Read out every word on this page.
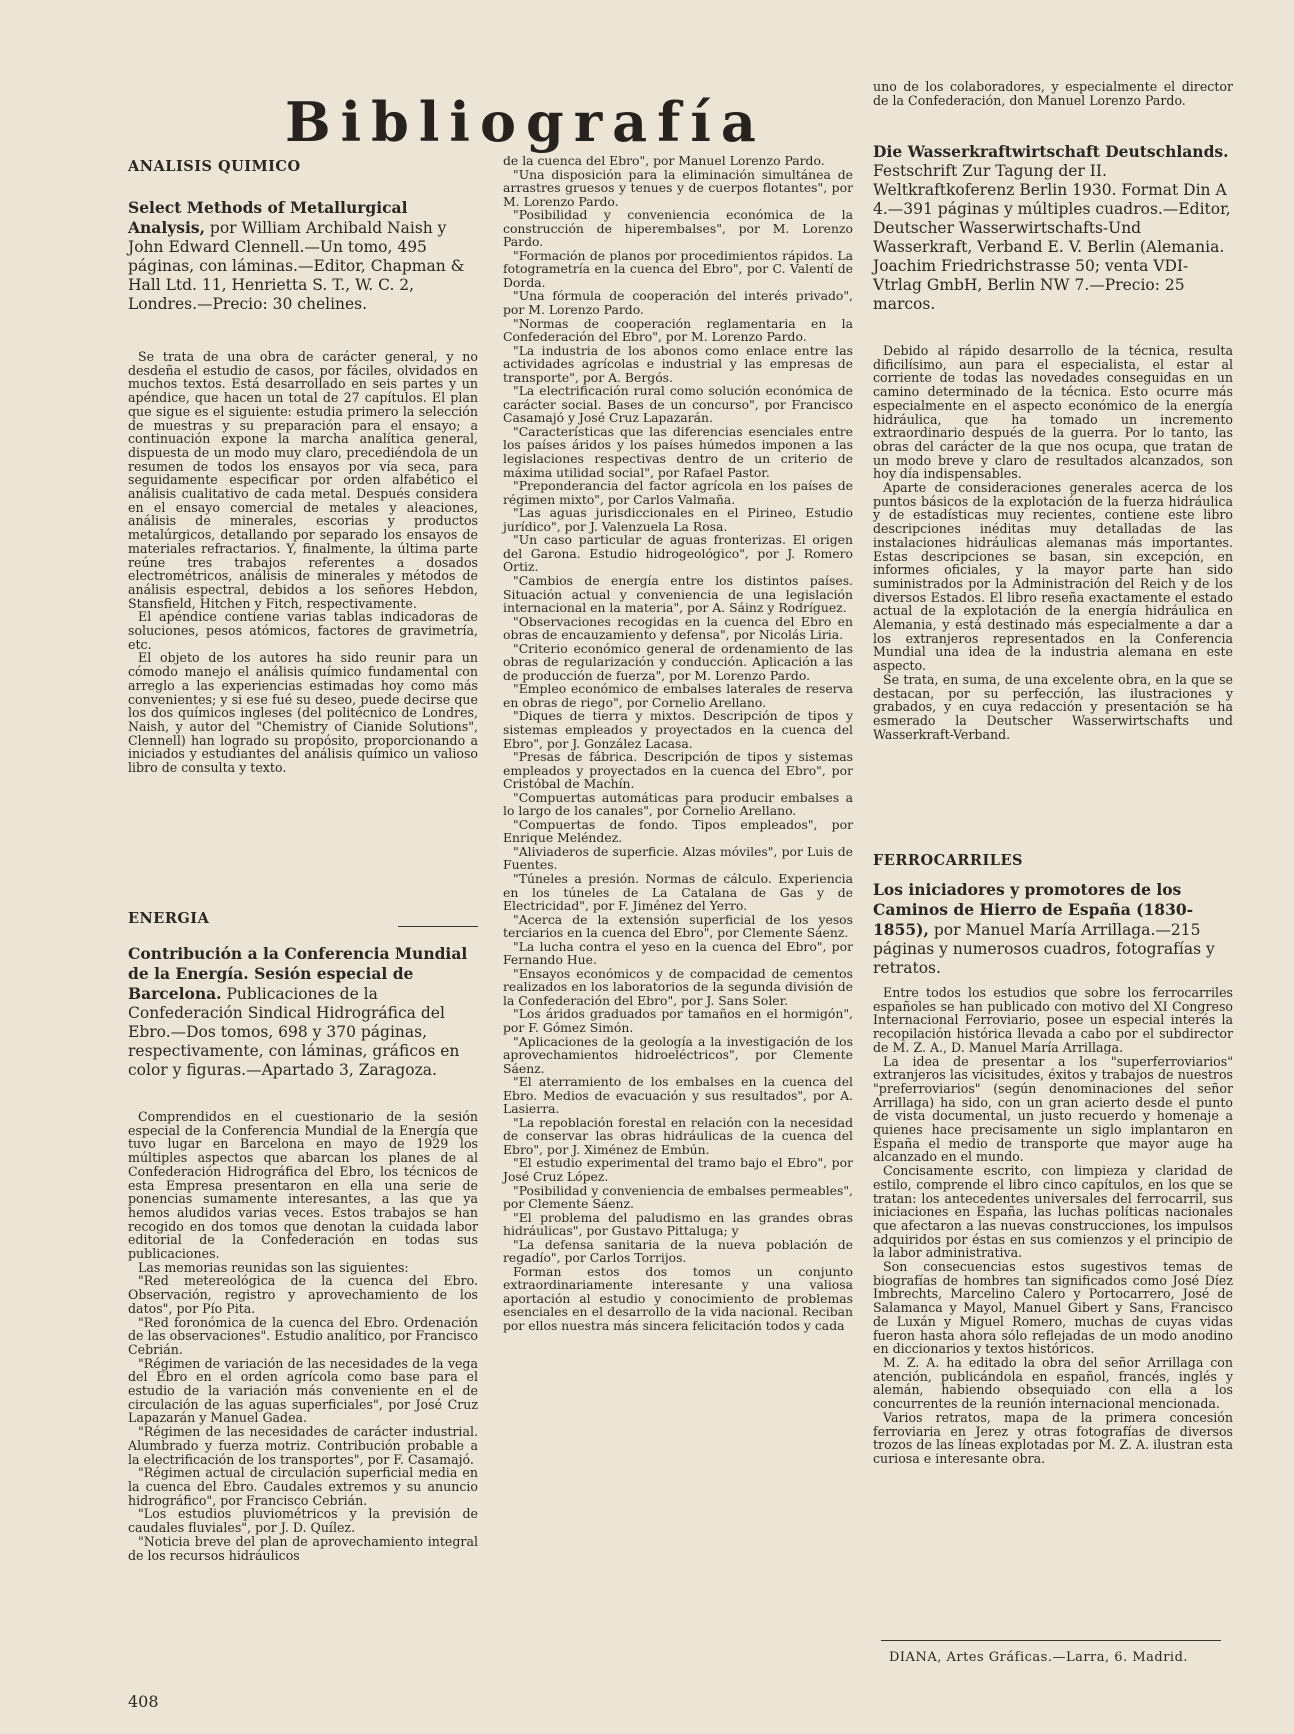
Bibliografía
ANALISIS QUIMICO

Select Methods of Metallurgical Analysis, por William Archibald Naish y John Edward Clennell.—Un tomo, 495 páginas, con láminas.—Editor, Chapman & Hall Ltd. 11, Henrietta S. T., W. C. 2, Londres.—Precio: 30 chelines.

Se trata de una obra de carácter general, y no desdeña el estudio de casos, por fáciles, olvidados en muchos textos. Está desarrollado en seis partes y un apéndice, que hacen un total de 27 capítulos. El plan que sigue es el siguiente: estudia primero la selección de muestras y su preparación para el ensayo; a continuación expone la marcha analítica general, dispuesta de un modo muy claro, precediéndola de un resumen de todos los ensayos por vía seca, para seguidamente especificar por orden alfabético el análisis cualitativo de cada metal. Después considera en el ensayo comercial de metales y aleaciones, análisis de minerales, escorias y productos metalúrgicos, detallando por separado los ensayos de materiales refractarios. Y, finalmente, la última parte reúne tres trabajos referentes a dosados electrométricos, análisis de minerales y métodos de análisis espectral, debidos a los señores Hebdon, Stansfield, Hitchen y Fitch, respectivamente.

El apéndice contiene varias tablas indicadoras de soluciones, pesos atómicos, factores de gravimetría, etc.

El objeto de los autores ha sido reunir para un cómodo manejo el análisis químico fundamental con arreglo a las experiencias estimadas hoy como más convenientes; y si ese fué su deseo, puede decirse que los dos químicos ingleses (del politécnico de Londres, Naish, y autor del "Chemistry of Cianide Solutions", Clennell) han logrado su propósito, proporcionando a iniciados y estudiantes del análisis químico un valioso libro de consulta y texto.

ENERGIA

Contribución a la Conferencia Mundial de la Energía. Sesión especial de Barcelona. Publicaciones de la Confederación Sindical Hidrográfica del Ebro.—Dos tomos, 698 y 370 páginas, respectivamente, con láminas, gráficos en color y figuras.—Apartado 3, Zaragoza.

Comprendidos en el cuestionario de la sesión especial de la Conferencia Mundial de la Energía que tuvo lugar en Barcelona en mayo de 1929 los múltiples aspectos que abarcan los planes de al Confederación Hidrográfica del Ebro, los técnicos de esta Empresa presentaron en ella una serie de ponencias sumamente interesantes, a las que ya hemos aludidos varias veces. Estos trabajos se han recogido en dos tomos que denotan la cuidada labor editorial de la Confederación en todas sus publicaciones.

Las memorias reunidas son las siguientes:

"Red metereológica de la cuenca del Ebro. Observación, registro y aprovechamiento de los datos", por Pío Pita.

"Red foronómica de la cuenca del Ebro. Ordenación de las observaciones". Estudio analítico, por Francisco Cebrián.

"Régimen de variación de las necesidades de la vega del Ebro en el orden agrícola como base para el estudio de la variación más conveniente en el de circulación de las aguas superficiales", por José Cruz Lapazarán y Manuel Gadea.

"Régimen de las necesidades de carácter industrial. Alumbrado y fuerza motriz. Contribución probable a la electrificación de los transportes", por F. Casamajó.

"Régimen actual de circulación superficial media en la cuenca del Ebro. Caudales extremos y su anuncio hidrográfico", por Francisco Cebrián.

"Los estudios pluviométricos y la previsión de caudales fluviales", por J. D. Quílez.

"Noticia breve del plan de aprovechamiento integral de los recursos hidráulicos

de la cuenca del Ebro", por Manuel Lorenzo Pardo.

"Una disposición para la eliminación simultánea de arrastres gruesos y tenues y de cuerpos flotantes", por M. Lorenzo Pardo.

"Posibilidad y conveniencia económica de la construcción de hiperembalses", por M. Lorenzo Pardo.

"Formación de planos por procedimientos rápidos. La fotogrametría en la cuenca del Ebro", por C. Valentí de Dorda.

"Una fórmula de cooperación del interés privado", por M. Lorenzo Pardo.

"Normas de cooperación reglamentaria en la Confederación del Ebro", por M. Lorenzo Pardo.

"La industria de los abonos como enlace entre las actividades agrícolas e industrial y las empresas de transporte", por A. Bergós.

"La electrificación rural como solución económica de carácter social. Bases de un concurso", por Francisco Casamajó y José Cruz Lapazarán.

"Características que las diferencias esenciales entre los países áridos y los países húmedos imponen a las legislaciones respectivas dentro de un criterio de máxima utilidad social", por Rafael Pastor.

"Preponderancia del factor agrícola en los países de régimen mixto", por Carlos Valmaña.

"Las aguas jurisdiccionales en el Pirineo, Estudio jurídico", por J. Valenzuela La Rosa.

"Un caso particular de aguas fronterizas. El origen del Garona. Estudio hidrogeológico", por J. Romero Ortiz.

"Cambios de energía entre los distintos países. Situación actual y conveniencia de una legislación internacional en la materia", por A. Sáinz y Rodríguez.

"Observaciones recogidas en la cuenca del Ebro en obras de encauzamiento y defensa", por Nicolás Liria.

"Criterio económico general de ordenamiento de las obras de regularización y conducción. Aplicación a las de producción de fuerza", por M. Lorenzo Pardo.

"Empleo económico de embalses laterales de reserva en obras de riego", por Cornelio Arellano.

"Diques de tierra y mixtos. Descripción de tipos y sistemas empleados y proyectados en la cuenca del Ebro", por J. González Lacasa.

"Presas de fábrica. Descripción de tipos y sistemas empleados y proyectados en la cuenca del Ebro", por Cristóbal de Machín.

"Compuertas automáticas para producir embalses a lo largo de los canales", por Cornelio Arellano.

"Compuertas de fondo. Tipos empleados", por Enrique Meléndez.

"Aliviaderos de superficie. Alzas móviles", por Luis de Fuentes.

"Túneles a presión. Normas de cálculo. Experiencia en los túneles de La Catalana de Gas y de Electricidad", por F. Jiménez del Yerro.

"Acerca de la extensión superficial de los yesos terciarios en la cuenca del Ebro", por Clemente Sáenz.

"La lucha contra el yeso en la cuenca del Ebro", por Fernando Hue.

"Ensayos económicos y de compacidad de cementos realizados en los laboratorios de la segunda división de la Confederación del Ebro", por J. Sans Soler.

"Los áridos graduados por tamaños en el hormigón", por F. Gómez Simón.

"Aplicaciones de la geología a la investigación de los aprovechamientos hidroeléctricos", por Clemente Sáenz.

"El aterramiento de los embalses en la cuenca del Ebro. Medios de evacuación y sus resultados", por A. Lasierra.

"La repoblación forestal en relación con la necesidad de conservar las obras hidráulicas de la cuenca del Ebro", por J. Ximénez de Embún.

"El estudio experimental del tramo bajo el Ebro", por José Cruz López.

"Posibilidad y conveniencia de embalses permeables", por Clemente Sáenz.

"El problema del paludismo en las grandes obras hidráulicas", por Gustavo Pittaluga; y

"La defensa sanitaria de la nueva población de regadío", por Carlos Torrijos.

Forman estos dos tomos un conjunto extraordinariamente interesante y una valiosa aportación al estudio y conocimiento de problemas esenciales en el desarrollo de la vida nacional. Reciban por ellos nuestra más sincera felicitación todos y cada

uno de los colaboradores, y especialmente el director de la Confederación, don Manuel Lorenzo Pardo.

Die Wasserkraftwirtschaft Deutschlands. Festschrift Zur Tagung der II. Weltkraftkoferenz Berlin 1930. Format Din A 4.—391 páginas y múltiples cuadros.—Editor, Deutscher Wasserwirtschafts-Und Wasserkraft, Verband E. V. Berlin (Alemania. Joachim Friedrichstrasse 50; venta VDI-Vtrlag GmbH, Berlin NW 7.—Precio: 25 marcos.

Debido al rápido desarrollo de la técnica, resulta dificilísimo, aun para el especialista, el estar al corriente de todas las novedades conseguidas en un camino determinado de la técnica. Esto ocurre más especialmente en el aspecto económico de la energía hidráulica, que ha tomado un incremento extraordinario después de la guerra. Por lo tanto, las obras del carácter de la que nos ocupa, que tratan de un modo breve y claro de resultados alcanzados, son hoy día indispensables.

Aparte de consideraciones generales acerca de los puntos básicos de la explotación de la fuerza hidráulica y de estadísticas muy recientes, contiene este libro descripciones inéditas muy detalladas de las instalaciones hidráulicas alemanas más importantes. Estas descripciones se basan, sin excepción, en informes oficiales, y la mayor parte han sido suministrados por la Administración del Reich y de los diversos Estados. El libro reseña exactamente el estado actual de la explotación de la energía hidráulica en Alemania, y está destinado más especialmente a dar a los extranjeros representados en la Conferencia Mundial una idea de la industria alemana en este aspecto.

Se trata, en suma, de una excelente obra, en la que se destacan, por su perfección, las ilustraciones y grabados, y en cuya redacción y presentación se ha esmerado la Deutscher Wasserwirtschafts und Wasserkraft-Verband.

FERROCARRILES

Los iniciadores y promotores de los Caminos de Hierro de España (1830-1855), por Manuel María Arrillaga.—215 páginas y numerosos cuadros, fotografías y retratos.

Entre todos los estudios que sobre los ferrocarriles españoles se han publicado con motivo del XI Congreso Internacional Ferroviario, posee un especial interés la recopilación histórica llevada a cabo por el subdirector de M. Z. A., D. Manuel María Arrillaga.

La idea de presentar a los "superferroviarios" extranjeros las vicisitudes, éxitos y trabajos de nuestros "preferroviarios" (según denominaciones del señor Arrillaga) ha sido, con un gran acierto desde el punto de vista documental, un justo recuerdo y homenaje a quienes hace precisamente un siglo implantaron en España el medio de transporte que mayor auge ha alcanzado en el mundo.

Concisamente escrito, con limpieza y claridad de estilo, comprende el libro cinco capítulos, en los que se tratan: los antecedentes universales del ferrocarril, sus iniciaciones en España, las luchas políticas nacionales que afectaron a las nuevas construcciones, los impulsos adquiridos por éstas en sus comienzos y el principio de la labor administrativa.

Son consecuencias estos sugestivos temas de biografías de hombres tan significados como José Díez Imbrechts, Marcelino Calero y Portocarrero, José de Salamanca y Mayol, Manuel Gibert y Sans, Francisco de Luxán y Miguel Romero, muchas de cuyas vidas fueron hasta ahora sólo reflejadas de un modo anodino en diccionarios y textos históricos.

M. Z. A. ha editado la obra del señor Arrillaga con atención, publicándola en español, francés, inglés y alemán, habiendo obsequiado con ella a los concurrentes de la reunión internacional mencionada.

Varios retratos, mapa de la primera concesión ferroviaria en Jerez y otras fotografías de diversos trozos de las líneas explotadas por M. Z. A. ilustran esta curiosa e interesante obra.

DIANA, Artes Gráficas.—Larra, 6. Madrid.
408
